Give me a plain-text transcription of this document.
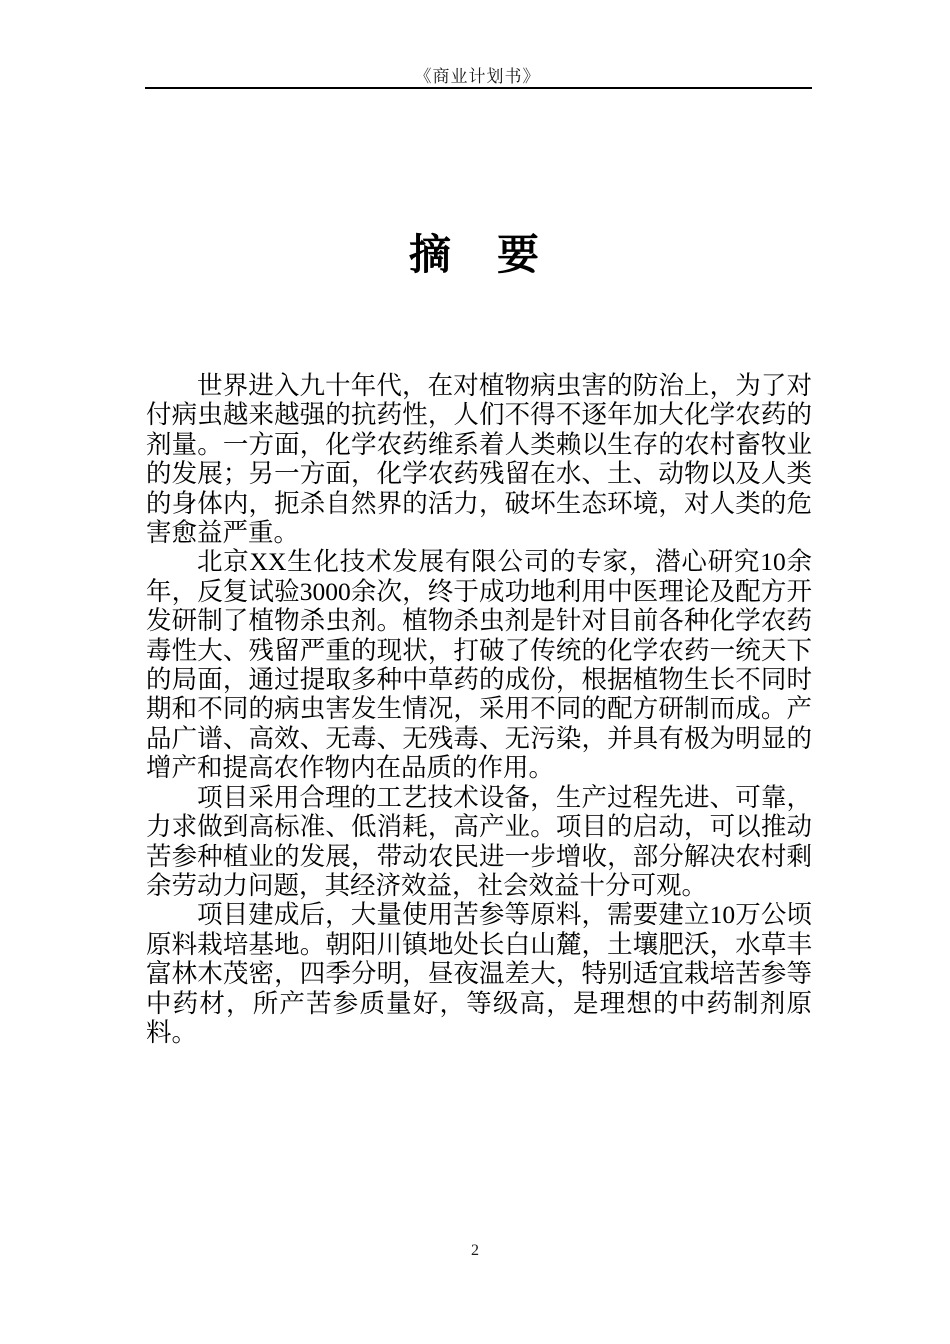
《商业计划书》
摘　要

世界进入九十年代，在对植物病虫害的防治上，为了对付病虫越来越强的抗药性，人们不得不逐年加大化学农药的剂量。一方面，化学农药维系着人类赖以生存的农村畜牧业的发展；另一方面，化学农药残留在水、土、动物以及人类的身体内，扼杀自然界的活力，破坏生态环境，对人类的危害愈益严重。

北京XX生化技术发展有限公司的专家，潜心研究10余年，反复试验3000余次，终于成功地利用中医理论及配方开发研制了植物杀虫剂。植物杀虫剂是针对目前各种化学农药毒性大、残留严重的现状，打破了传统的化学农药一统天下的局面，通过提取多种中草药的成份，根据植物生长不同时期和不同的病虫害发生情况，采用不同的配方研制而成。产品广谱、高效、无毒、无残毒、无污染，并具有极为明显的增产和提高农作物内在品质的作用。

项目采用合理的工艺技术设备，生产过程先进、可靠，力求做到高标准、低消耗，高产业。项目的启动，可以推动苦参种植业的发展，带动农民进一步增收，部分解决农村剩余劳动力问题，其经济效益，社会效益十分可观。

项目建成后，大量使用苦参等原料，需要建立10万公顷原料栽培基地。朝阳川镇地处长白山麓，土壤肥沃，水草丰富林木茂密，四季分明，昼夜温差大，特别适宜栽培苦参等中药材，所产苦参质量好，等级高，是理想的中药制剂原料。

2
